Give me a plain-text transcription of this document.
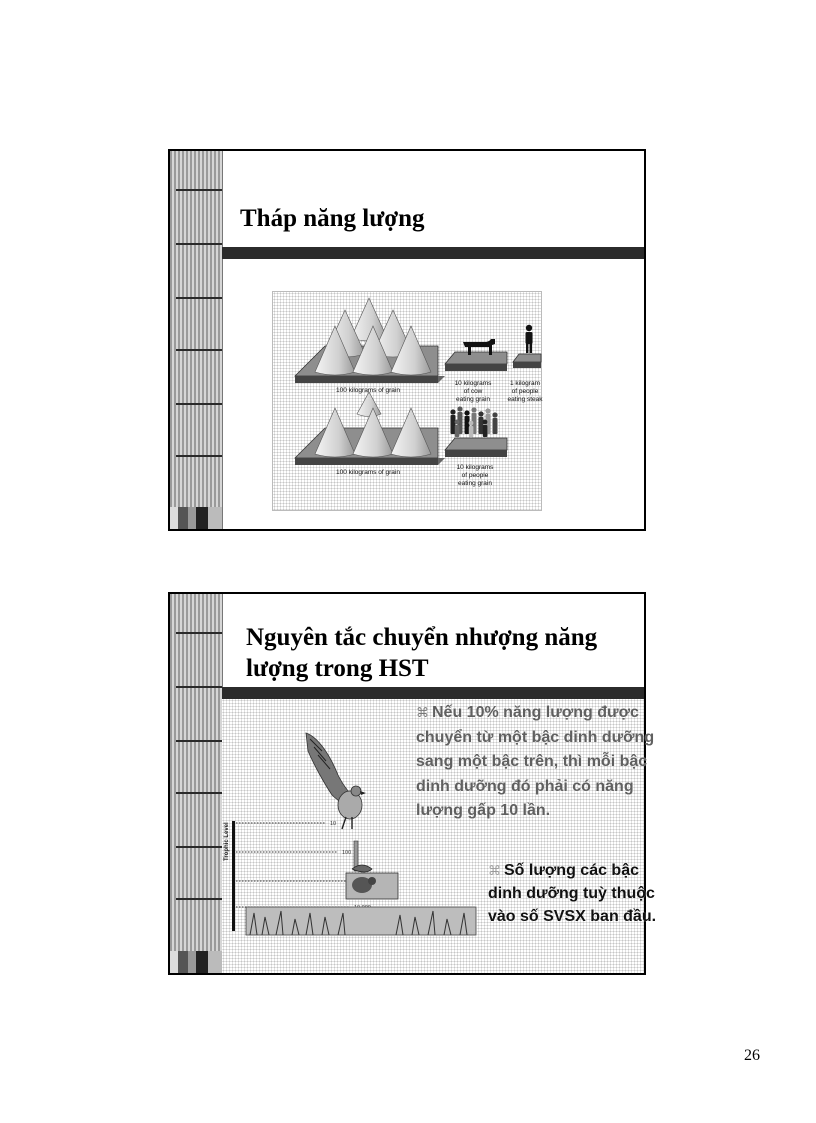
Tháp năng lượng
100 kilograms of grain
10 kilograms
of cow
eating grain
1 kilogram
of people
eating steak
100 kilograms of grain
10 kilograms
of people
eating grain
Nguyên tắc chuyển nhượng năng lượng trong HST
Trophic Level	10
100

⌘ Nếu 10% năng lượng được chuyển từ một bậc dinh dưỡng sang một bậc trên, thì mỗi bậc dinh dưỡng đó phải có năng lượng gấp 10 lần.

⌘ Số lượng các bậc dinh dưỡng tuỳ thuộc vào số SVSX ban đầu.

26
